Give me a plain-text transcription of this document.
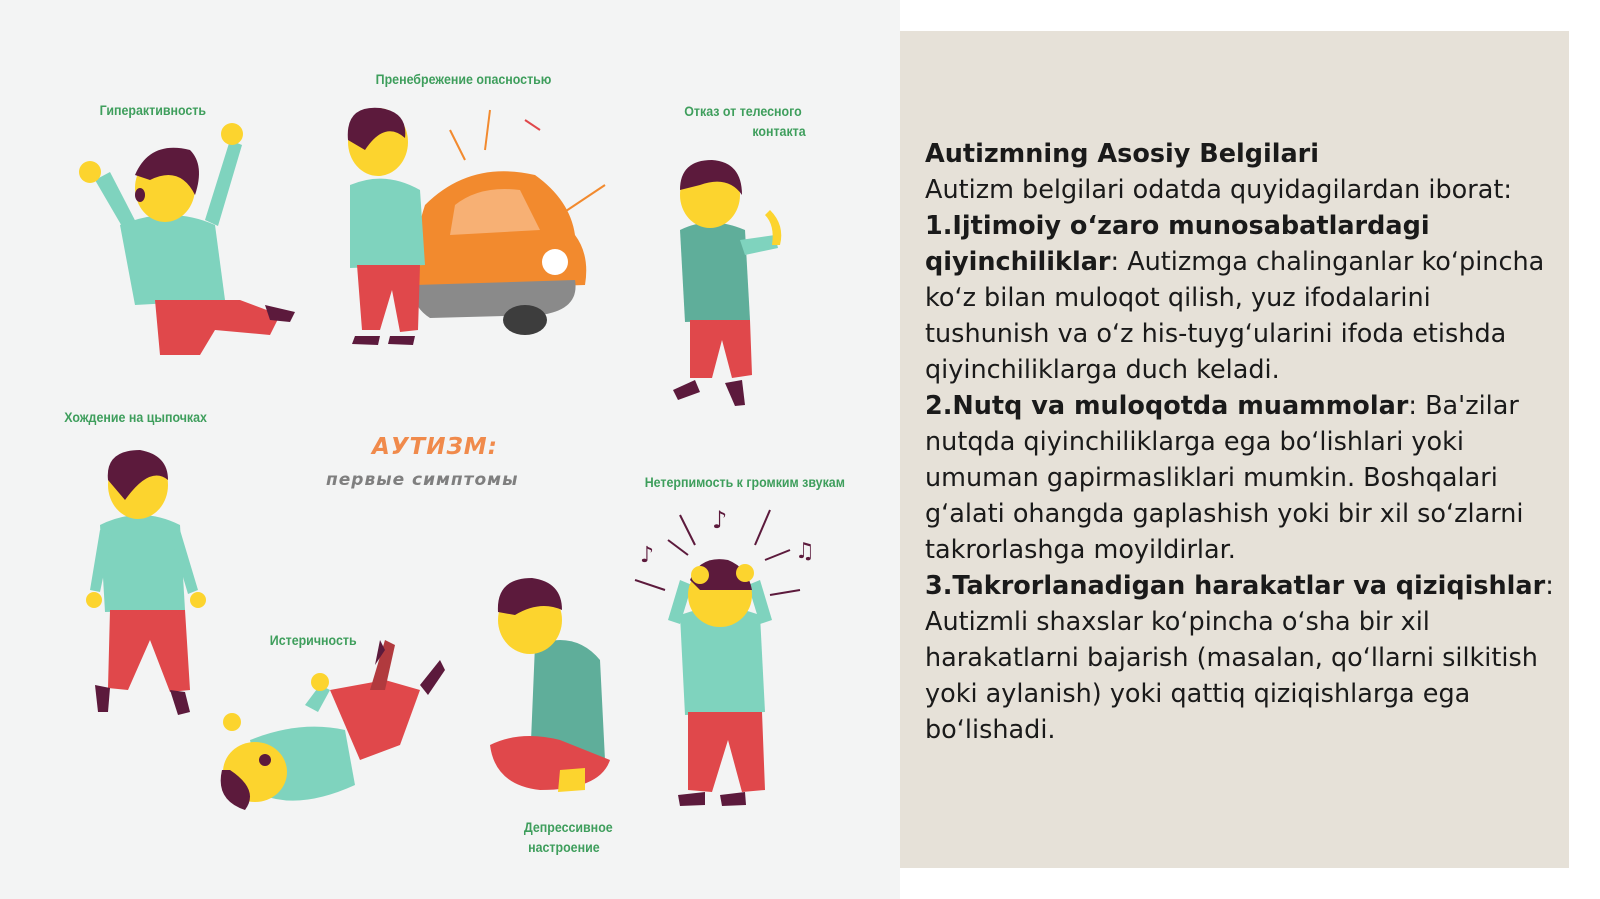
♪
♪
♫
Гиперактивность
Пренебрежение опасностью
Отказ от телесного
контакта
Хождение на цыпочках
Нетерпимость к громким звукам
Истеричность
Депрессивное
настроение
АУТИЗМ:
первые симптомы
Autizmning Asosiy Belgilari
Autizm belgilari odatda quyidagilardan iborat:
1.Ijtimoiy oʻzaro munosabatlardagi qiyinchiliklar: Autizmga chalinganlar koʻpincha koʻz bilan muloqot qilish, yuz ifodalarini tushunish va oʻz his-tuygʻularini ifoda etishda qiyinchiliklarga duch keladi.
2.Nutq va muloqotda muammolar: Ba'zilar nutqda qiyinchiliklarga ega boʻlishlari yoki umuman gapirmasliklari mumkin. Boshqalari gʻalati ohangda gaplashish yoki bir xil soʻzlarni takrorlashga moyildirlar.
3.Takrorlanadigan harakatlar va qiziqishlar: Autizmli shaxslar koʻpincha oʻsha bir xil harakatlarni bajarish (masalan, qoʻllarni silkitish yoki aylanish) yoki qattiq qiziqishlarga ega boʻlishadi.
